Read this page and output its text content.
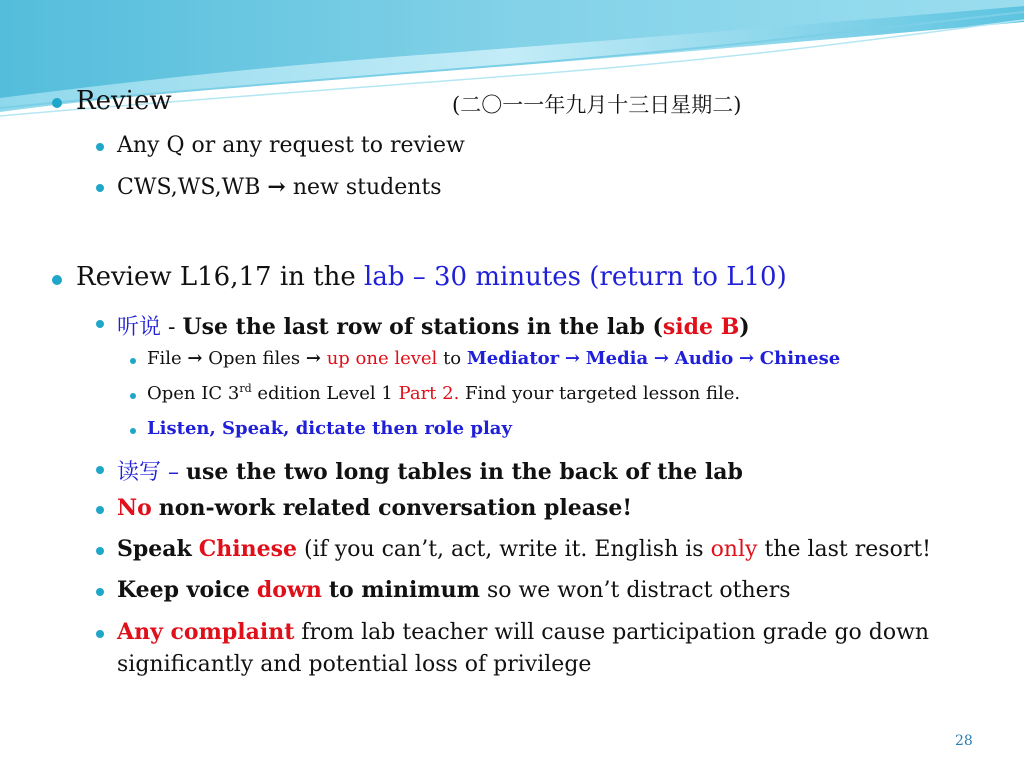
Review	(二〇一一年九月十三日星期二)
Any Q or any request to review
CWS,WS,WB → new students
Review L16,17 in the lab – 30 minutes (return to L10)
听说 - Use the last row of stations in the lab (side B)
File → Open files → up one level to Mediator → Media → Audio → Chinese
Open IC 3rd edition Level 1 Part 2. Find your targeted lesson file.
Listen, Speak, dictate then role play
读写 – use the two long tables in the back of the lab
No non-work related conversation please!
Speak Chinese (if you can’t, act, write it. English is only the last resort!
Keep voice down to minimum so we won’t distract others
Any complaint from lab teacher will cause participation grade go down
significantly and potential loss of privilege
28
